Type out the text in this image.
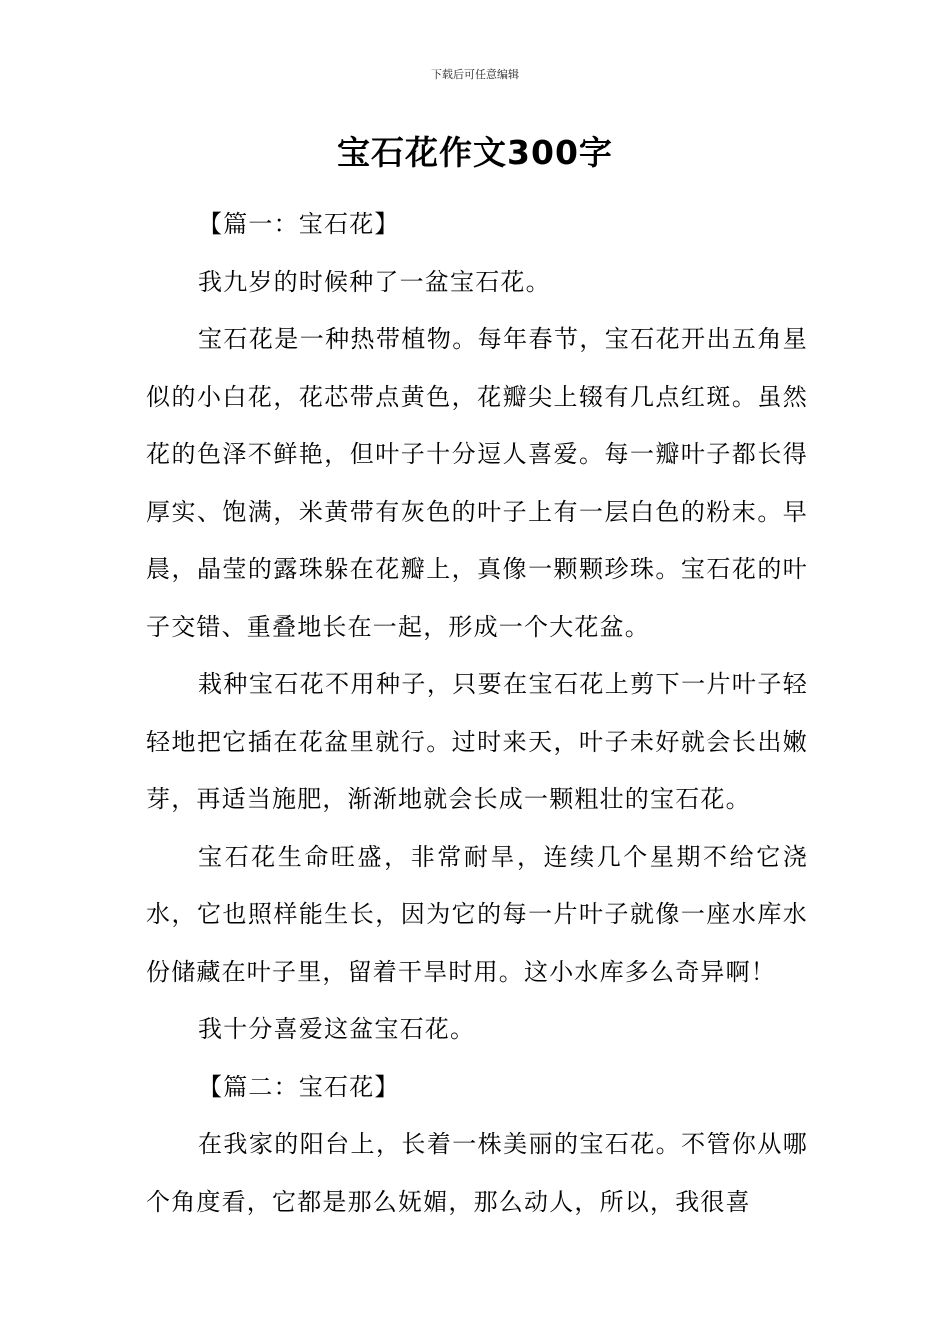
下载后可任意编辑
宝石花作文300字

【篇一：宝石花】

我九岁的时候种了一盆宝石花。

宝石花是一种热带植物。每年春节，宝石花开出五角星似的小白花，花芯带点黄色，花瓣尖上辍有几点红斑。虽然花的色泽不鲜艳，但叶子十分逗人喜爱。每一瓣叶子都长得厚实、饱满，米黄带有灰色的叶子上有一层白色的粉末。早晨，晶莹的露珠躲在花瓣上，真像一颗颗珍珠。宝石花的叶子交错、重叠地长在一起，形成一个大花盆。

栽种宝石花不用种子，只要在宝石花上剪下一片叶子轻轻地把它插在花盆里就行。过时来天，叶子未好就会长出嫩芽，再适当施肥，渐渐地就会长成一颗粗壮的宝石花。

宝石花生命旺盛，非常耐旱，连续几个星期不给它浇水，它也照样能生长，因为它的每一片叶子就像一座水库水份储藏在叶子里，留着干旱时用。这小水库多么奇异啊！

我十分喜爱这盆宝石花。

【篇二：宝石花】

在我家的阳台上，长着一株美丽的宝石花。不管你从哪个角度看，它都是那么妩媚，那么动人，所以，我很喜
